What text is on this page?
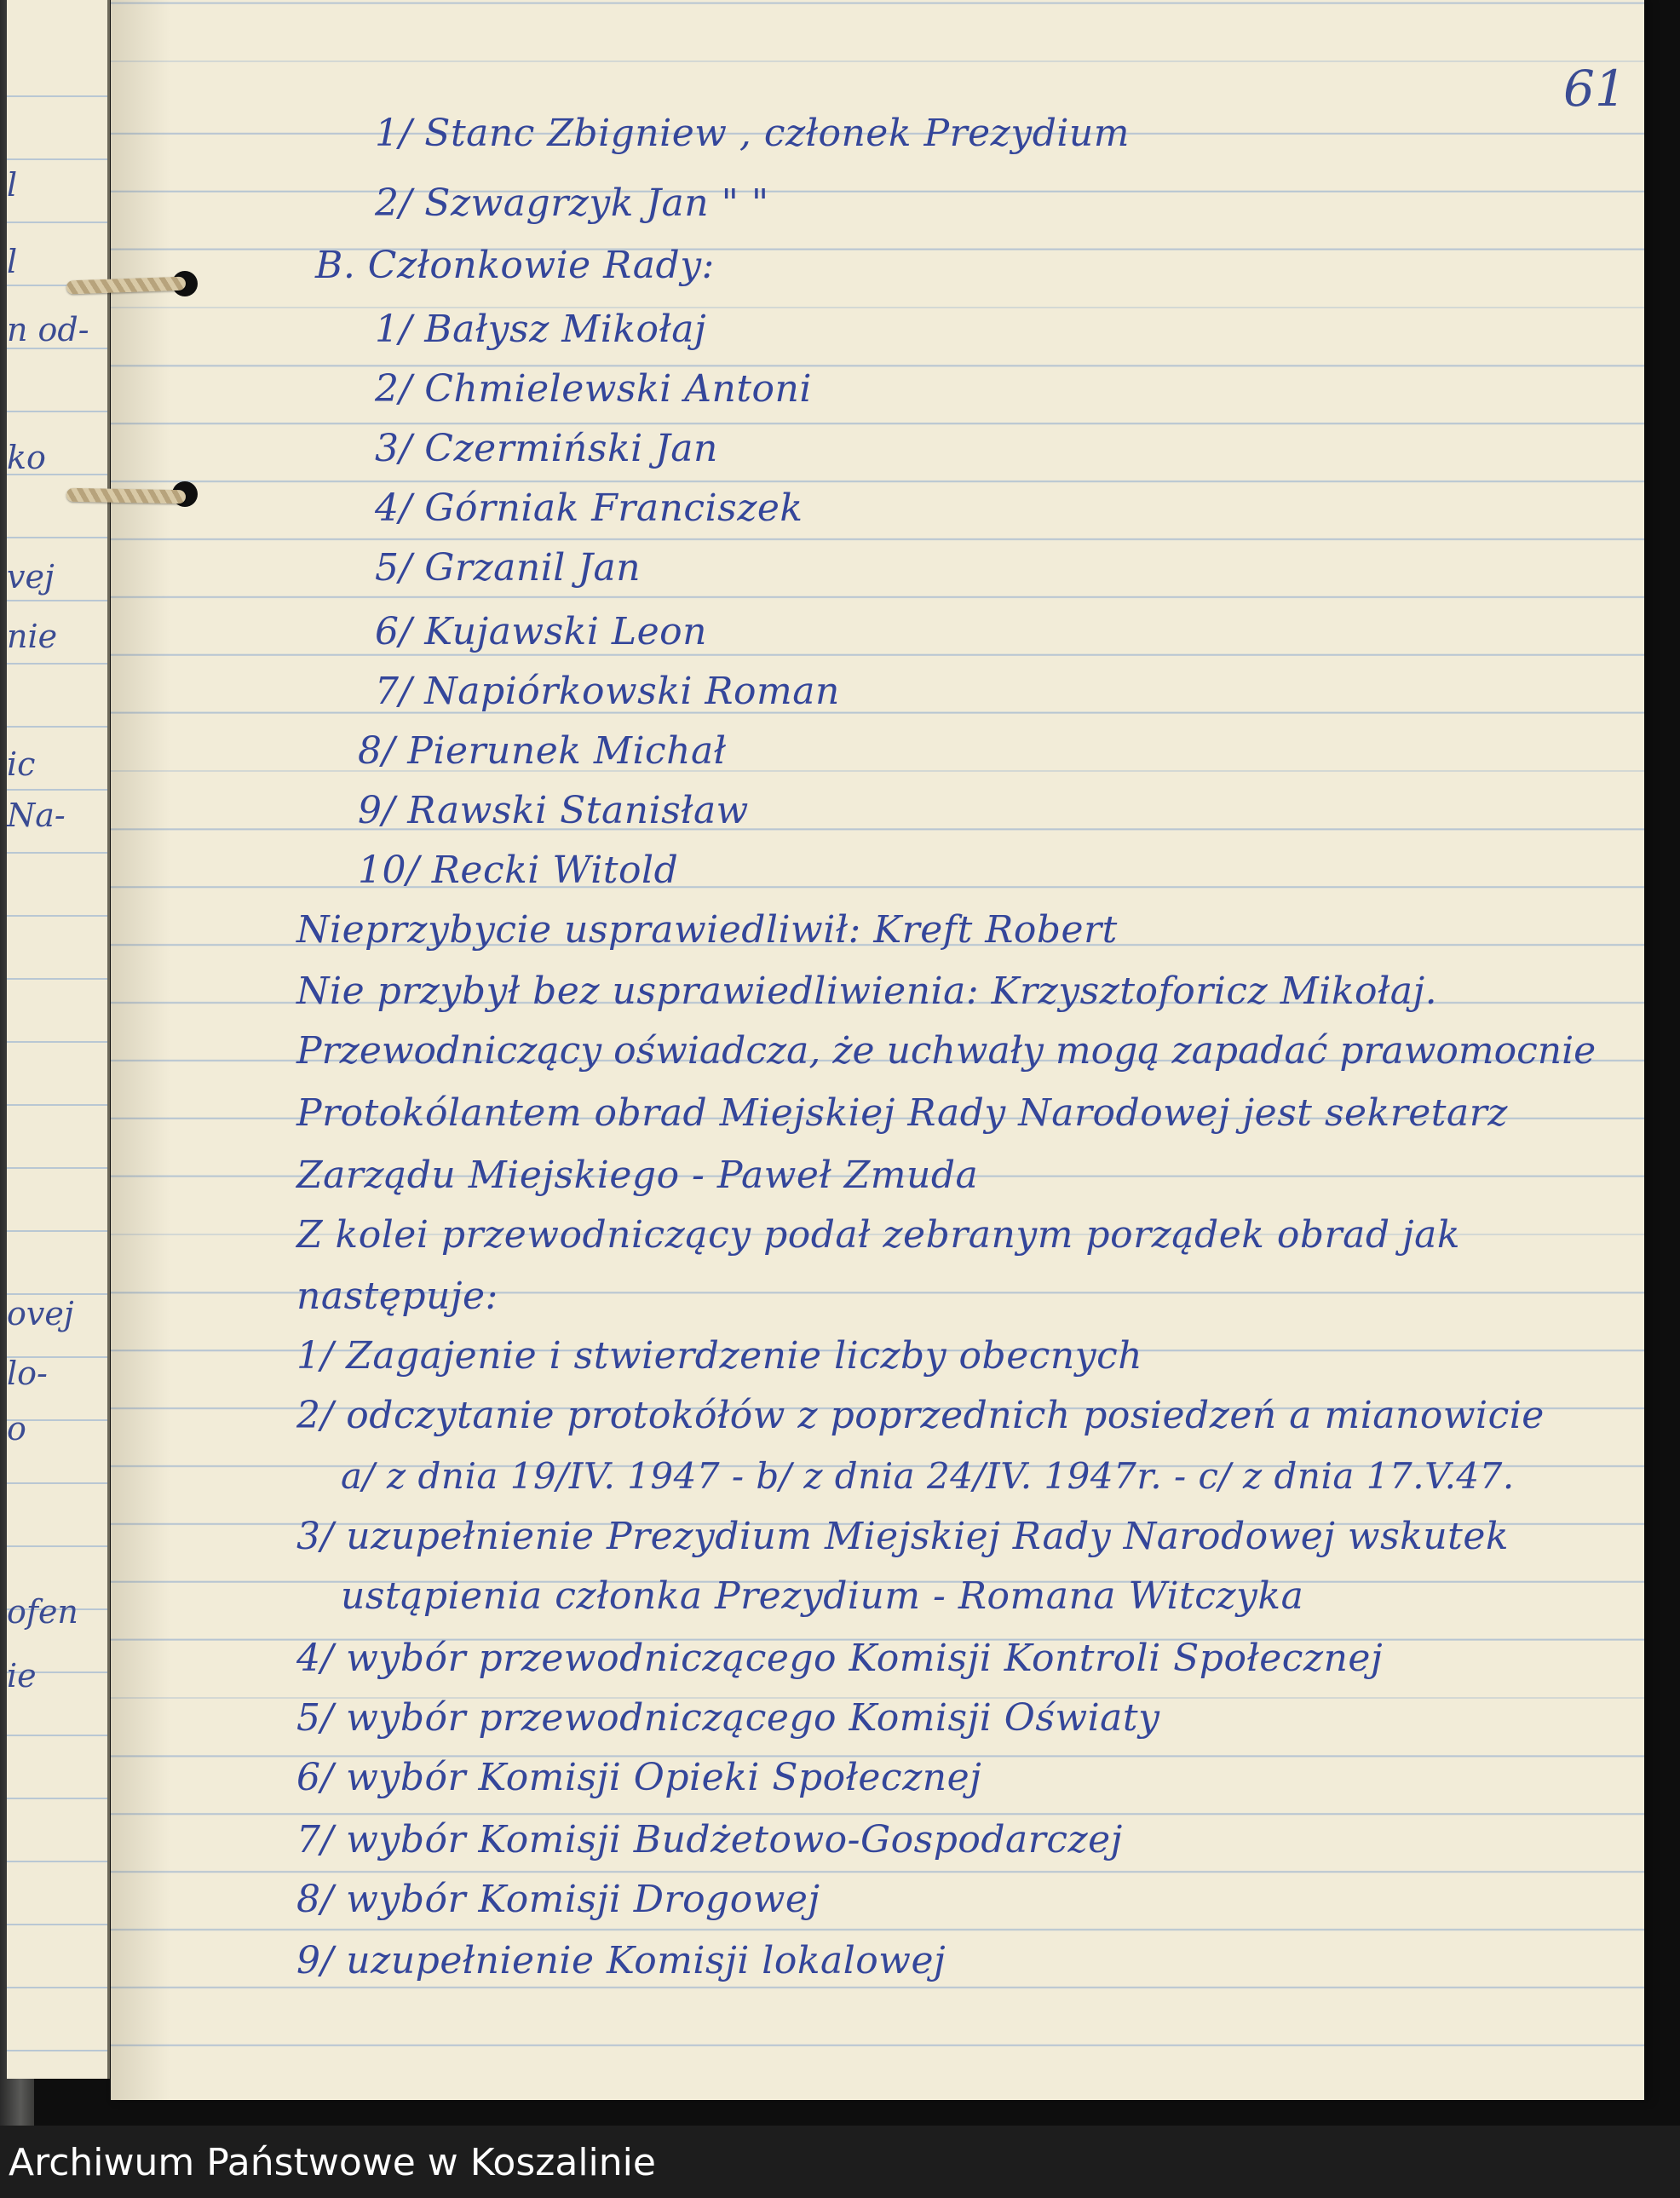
l
l
n od-
ko
vej
nie
ic
Na-
ovej
lo-
o
ofen
ie
61
1/ Stanc Zbigniew , członek Prezydium
2/ Szwagrzyk Jan " "
B. Członkowie Rady:
1/ Bałysz Mikołaj
2/ Chmielewski Antoni
3/ Czermiński Jan
4/ Górniak Franciszek
5/ Grzanil Jan
6/ Kujawski Leon
7/ Napiórkowski Roman
8/ Pierunek Michał
9/ Rawski Stanisław
10/ Recki Witold
Nieprzybycie usprawiedliwił: Kreft Robert
Nie przybył bez usprawiedliwienia: Krzysztoforicz Mikołaj.
Przewodniczący oświadcza, że uchwały mogą zapadać prawomocnie
Protokólantem obrad Miejskiej Rady Narodowej jest sekretarz
Zarządu Miejskiego - Paweł Zmuda
Z kolei przewodniczący podał zebranym porządek obrad jak
następuje:
1/ Zagajenie i stwierdzenie liczby obecnych
2/ odczytanie protokółów z poprzednich posiedzeń a mianowicie
a/ z dnia 19/IV. 1947 - b/ z dnia 24/IV. 1947r. - c/ z dnia 17.V.47.
3/ uzupełnienie Prezydium Miejskiej Rady Narodowej wskutek
ustąpienia członka Prezydium - Romana Witczyka
4/ wybór przewodniczącego Komisji Kontroli Społecznej
5/ wybór przewodniczącego Komisji Oświaty
6/ wybór Komisji Opieki Społecznej
7/ wybór Komisji Budżetowo-Gospodarczej
8/ wybór Komisji Drogowej
9/ uzupełnienie Komisji lokalowej
Archiwum Państwowe w Koszalinie
